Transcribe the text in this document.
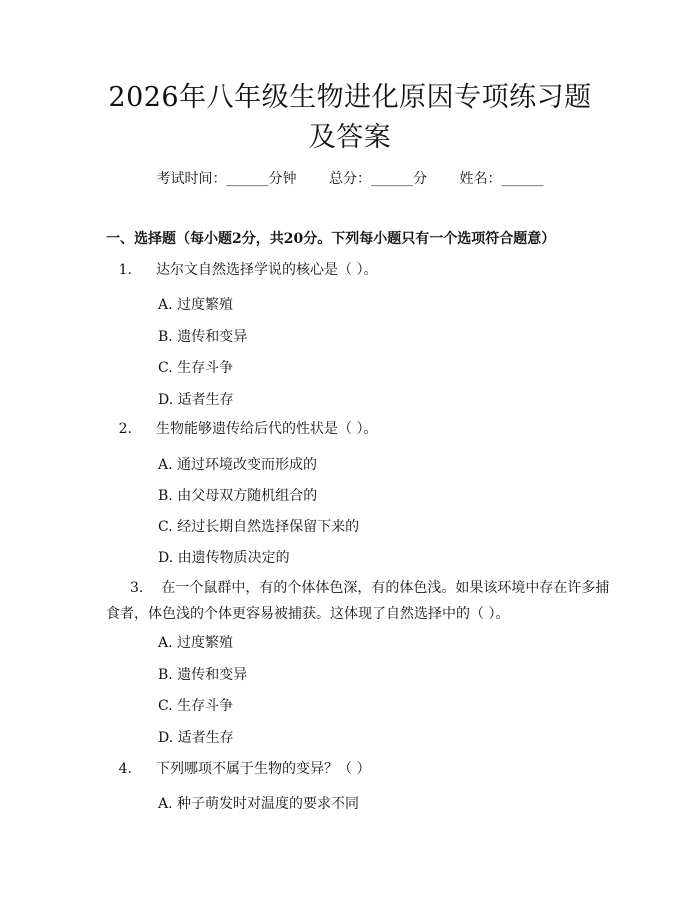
2026年八年级生物进化原因专项练习题及答案
考试时间：______分钟 总分：______分 姓名：______
一、选择题（每小题2分，共20分。下列每小题只有一个选项符合题意）
1. 达尔文自然选择学说的核心是（ ）。
A. 过度繁殖
B. 遗传和变异
C. 生存斗争
D. 适者生存
2. 生物能够遗传给后代的性状是（ ）。
A. 通过环境改变而形成的
B. 由父母双方随机组合的
C. 经过长期自然选择保留下来的
D. 由遗传物质决定的
3. 在一个鼠群中，有的个体体色深，有的体色浅。如果该环境中存在许多捕食者，体色浅的个体更容易被捕获。这体现了自然选择中的（ ）。
A. 过度繁殖
B. 遗传和变异
C. 生存斗争
D. 适者生存
4. 下列哪项不属于生物的变异？（ ）
A. 种子萌发时对温度的要求不同
